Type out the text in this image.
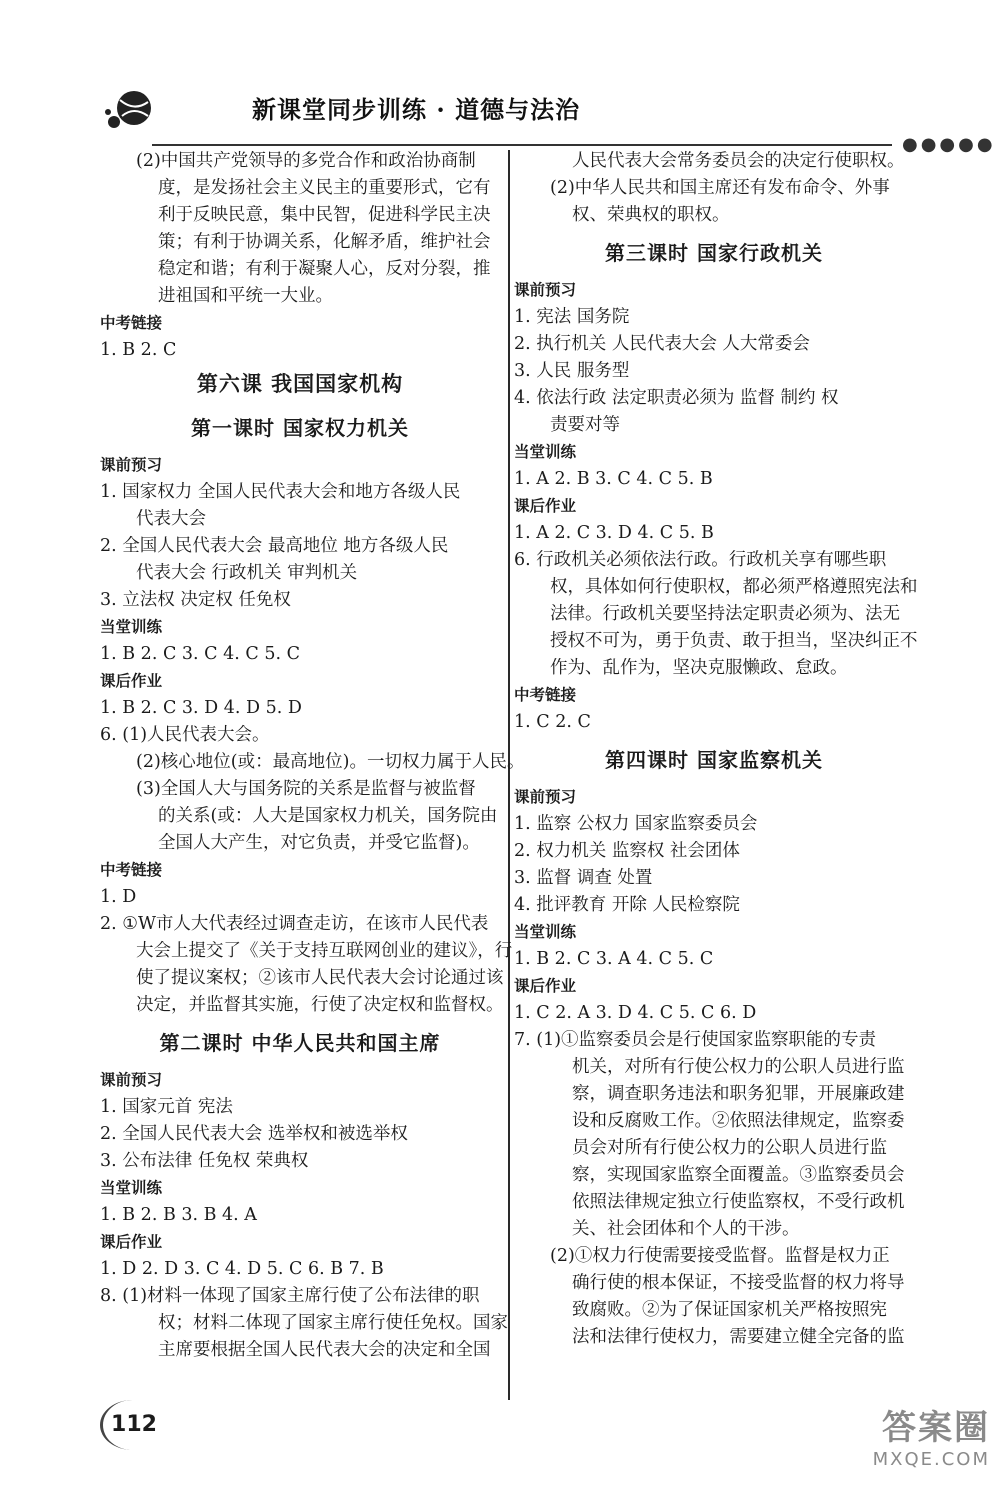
新课堂同步训练 · 道德与法治
●●●●●
(2)中国共产党领导的多党合作和政治协商制
度，是发扬社会主义民主的重要形式，它有
利于反映民意，集中民智，促进科学民主决
策；有利于协调关系，化解矛盾，维护社会
稳定和谐；有利于凝聚人心，反对分裂，推
进祖国和平统一大业。
中考链接
1. B 2. C
第六课 我国国家机构
第一课时 国家权力机关
课前预习
1. 国家权力 全国人民代表大会和地方各级人民
代表大会
2. 全国人民代表大会 最高地位 地方各级人民
代表大会 行政机关 审判机关
3. 立法权 决定权 任免权
当堂训练
1. B 2. C 3. C 4. C 5. C
课后作业
1. B 2. C 3. D 4. D 5. D
6. (1)人民代表大会。
(2)核心地位(或：最高地位)。一切权力属于人民。
(3)全国人大与国务院的关系是监督与被监督
的关系(或：人大是国家权力机关，国务院由
全国人大产生，对它负责，并受它监督)。
中考链接
1. D
2. ①W市人大代表经过调查走访，在该市人民代表
大会上提交了《关于支持互联网创业的建议》，行
使了提议案权；②该市人民代表大会讨论通过该
决定，并监督其实施，行使了决定权和监督权。
第二课时 中华人民共和国主席
课前预习
1. 国家元首 宪法
2. 全国人民代表大会 选举权和被选举权
3. 公布法律 任免权 荣典权
当堂训练
1. B 2. B 3. B 4. A
课后作业
1. D 2. D 3. C 4. D 5. C 6. B 7. B
8. (1)材料一体现了国家主席行使了公布法律的职
权；材料二体现了国家主席行使任免权。国家
主席要根据全国人民代表大会的决定和全国
人民代表大会常务委员会的决定行使职权。
(2)中华人民共和国主席还有发布命令、外事
权、荣典权的职权。
第三课时 国家行政机关
课前预习
1. 宪法 国务院
2. 执行机关 人民代表大会 人大常委会
3. 人民 服务型
4. 依法行政 法定职责必须为 监督 制约 权
责要对等
当堂训练
1. A 2. B 3. C 4. C 5. B
课后作业
1. A 2. C 3. D 4. C 5. B
6. 行政机关必须依法行政。行政机关享有哪些职
权，具体如何行使职权，都必须严格遵照宪法和
法律。行政机关要坚持法定职责必须为、法无
授权不可为，勇于负责、敢于担当，坚决纠正不
作为、乱作为，坚决克服懒政、怠政。
中考链接
1. C 2. C
第四课时 国家监察机关
课前预习
1. 监察 公权力 国家监察委员会
2. 权力机关 监察权 社会团体
3. 监督 调查 处置
4. 批评教育 开除 人民检察院
当堂训练
1. B 2. C 3. A 4. C 5. C
课后作业
1. C 2. A 3. D 4. C 5. C 6. D
7. (1)①监察委员会是行使国家监察职能的专责
机关，对所有行使公权力的公职人员进行监
察，调查职务违法和职务犯罪，开展廉政建
设和反腐败工作。②依照法律规定，监察委
员会对所有行使公权力的公职人员进行监
察，实现国家监察全面覆盖。③监察委员会
依照法律规定独立行使监察权，不受行政机
关、社会团体和个人的干涉。
(2)①权力行使需要接受监督。监督是权力正
确行使的根本保证，不接受监督的权力将导
致腐败。②为了保证国家机关严格按照宪
法和法律行使权力，需要建立健全完备的监
112	答案圈
MXQE.COM
